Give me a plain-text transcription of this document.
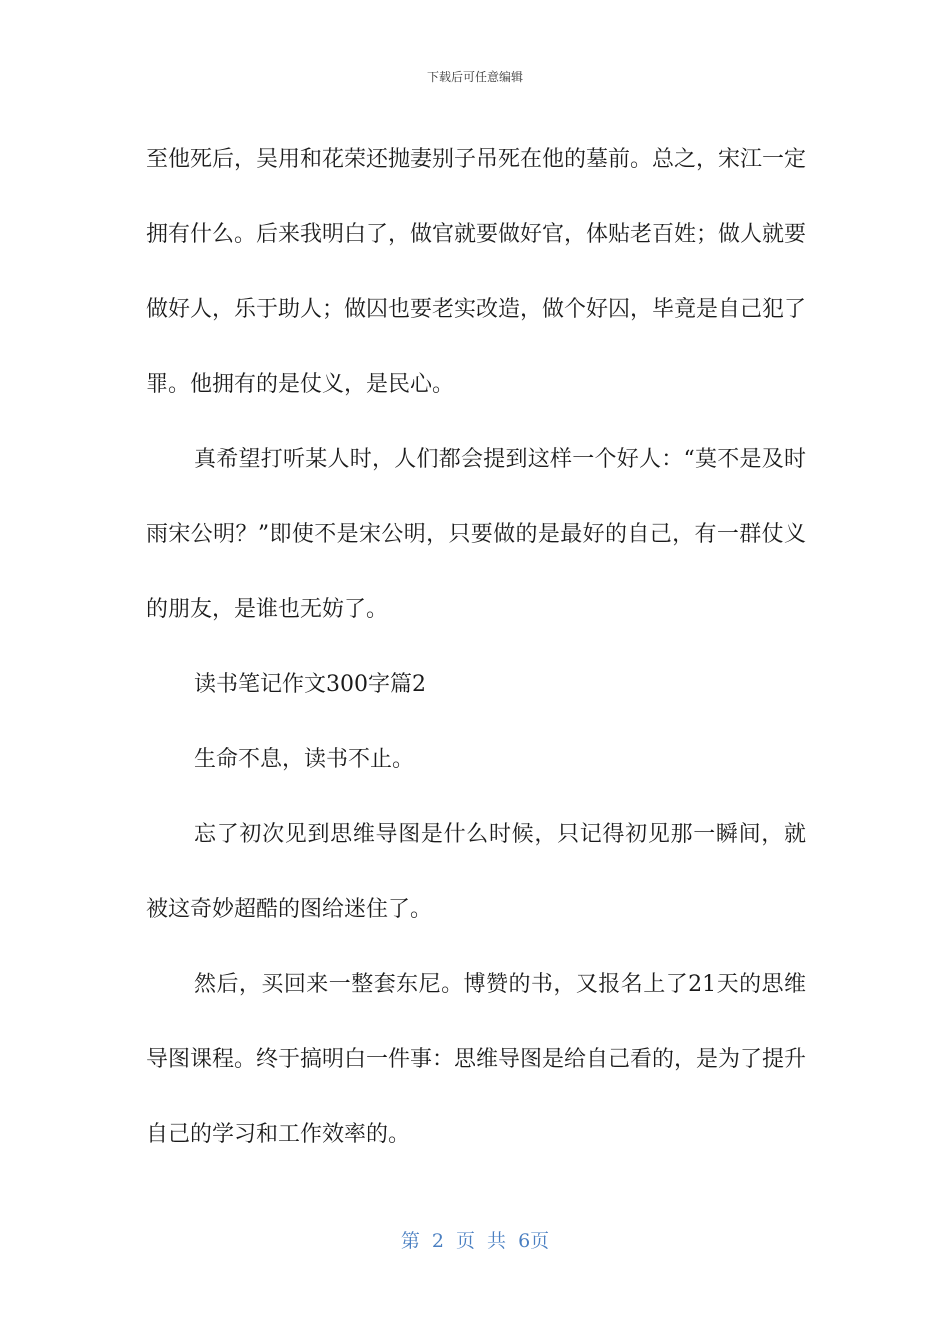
下载后可任意编辑

至他死后，吴用和花荣还抛妻别子吊死在他的墓前。总之，宋江一定拥有什么。后来我明白了，做官就要做好官，体贴老百姓；做人就要做好人，乐于助人；做囚也要老实改造，做个好囚，毕竟是自己犯了罪。他拥有的是仗义，是民心。

真希望打听某人时，人们都会提到这样一个好人：“莫不是及时雨宋公明？”即使不是宋公明，只要做的是最好的自己，有一群仗义的朋友，是谁也无妨了。

读书笔记作文300字篇2

生命不息，读书不止。

忘了初次见到思维导图是什么时候，只记得初见那一瞬间，就被这奇妙超酷的图给迷住了。

然后，买回来一整套东尼。博赞的书，又报名上了21天的思维导图课程。终于搞明白一件事：思维导图是给自己看的，是为了提升自己的学习和工作效率的。

第 2 页 共 6页
